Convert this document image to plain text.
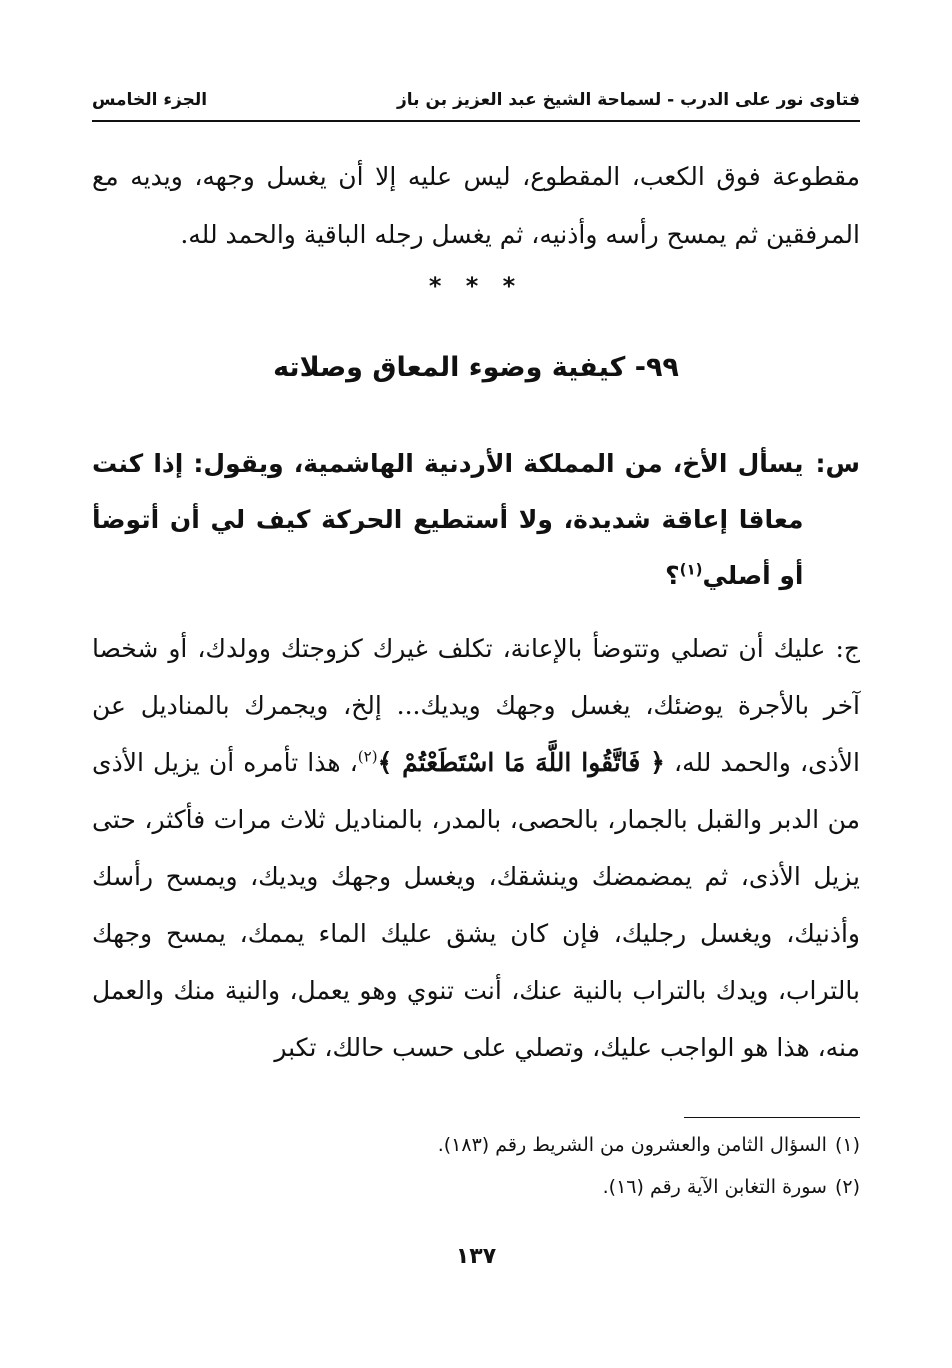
فتاوى نور على الدرب - لسماحة الشيخ عبد العزيز بن باز
الجزء الخامس
مقطوعة فوق الكعب، المقطوع، ليس عليه إلا أن يغسل وجهه، ويديه مع المرفقين ثم يمسح رأسه وأذنيه، ثم يغسل رجله الباقية والحمد لله.
* * *
٩٩- كيفية وضوء المعاق وصلاته
س:
يسأل الأخ، من المملكة الأردنية الهاشمية، ويقول: إذا كنت معاقا إعاقة شديدة، ولا أستطيع الحركة كيف لي أن أتوضأ أو أصلي$^{(١)}$؟
ج: عليك أن تصلي وتتوضأ بالإعانة، تكلف غيرك كزوجتك وولدك، أو شخصا آخر بالأجرة يوضئك، يغسل وجهك ويديك... إلخ، ويجمرك بالمناديل عن الأذى، والحمد لله، ﴿ فَاتَّقُوا اللَّهَ مَا اسْتَطَعْتُمْ ﴾$^{(٢)}$، هذا تأمره أن يزيل الأذى من الدبر والقبل بالجمار، بالحصى، بالمدر، بالمناديل ثلاث مرات فأكثر، حتى يزيل الأذى، ثم يمضمضك وينشقك، ويغسل وجهك ويديك، ويمسح رأسك وأذنيك، ويغسل رجليك، فإن كان يشق عليك الماء يممك، يمسح وجهك بالتراب، ويدك بالتراب بالنية عنك، أنت تنوي وهو يعمل، والنية منك والعمل منه، هذا هو الواجب عليك، وتصلي على حسب حالك، تكبر
(١)السؤال الثامن والعشرون من الشريط رقم (١٨٣).
(٢)سورة التغابن الآية رقم (١٦).
١٣٧
